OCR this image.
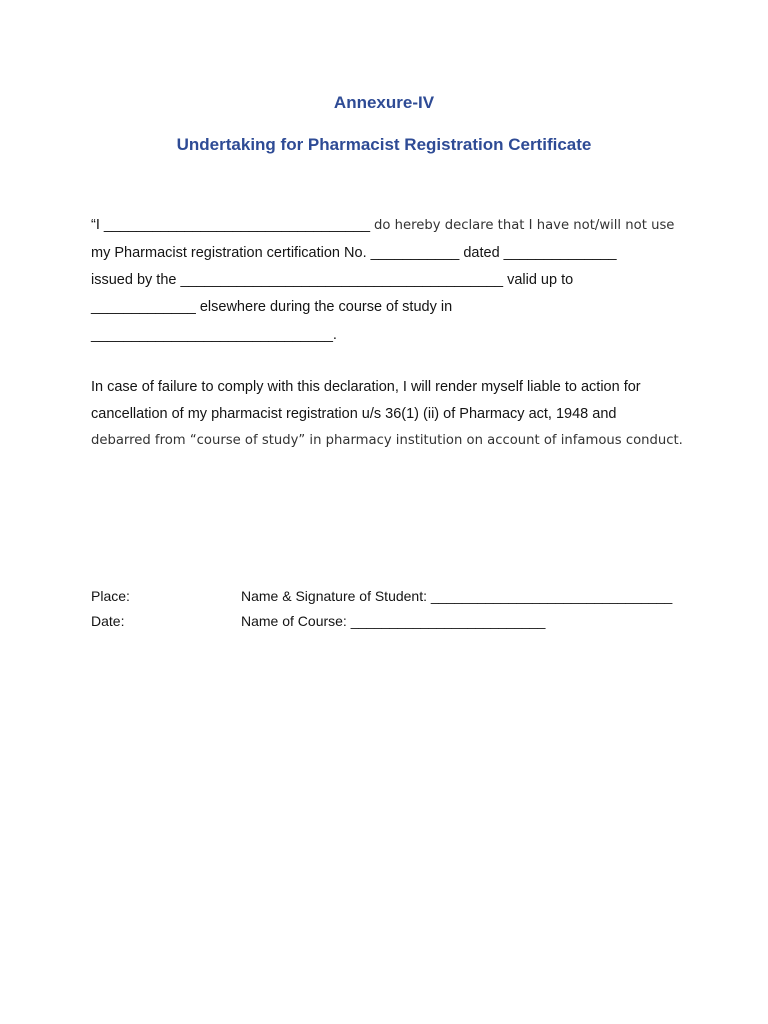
Annexure-IV
Undertaking for Pharmacist Registration Certificate
“I _________________________________ do hereby declare that I have not/will not use
my Pharmacist registration certification No. ___________ dated ______________
issued by the ________________________________________ valid up to
_____________ elsewhere during the course of study in
______________________________.
In case of failure to comply with this declaration, I will render myself liable to action for
cancellation of my pharmacist registration u/s 36(1) (ii) of Pharmacy act, 1948 and
debarred from “course of study” in pharmacy institution on account of infamous conduct.
Place:	Name & Signature of Student: _______________________________
Date:	Name of Course: _________________________
